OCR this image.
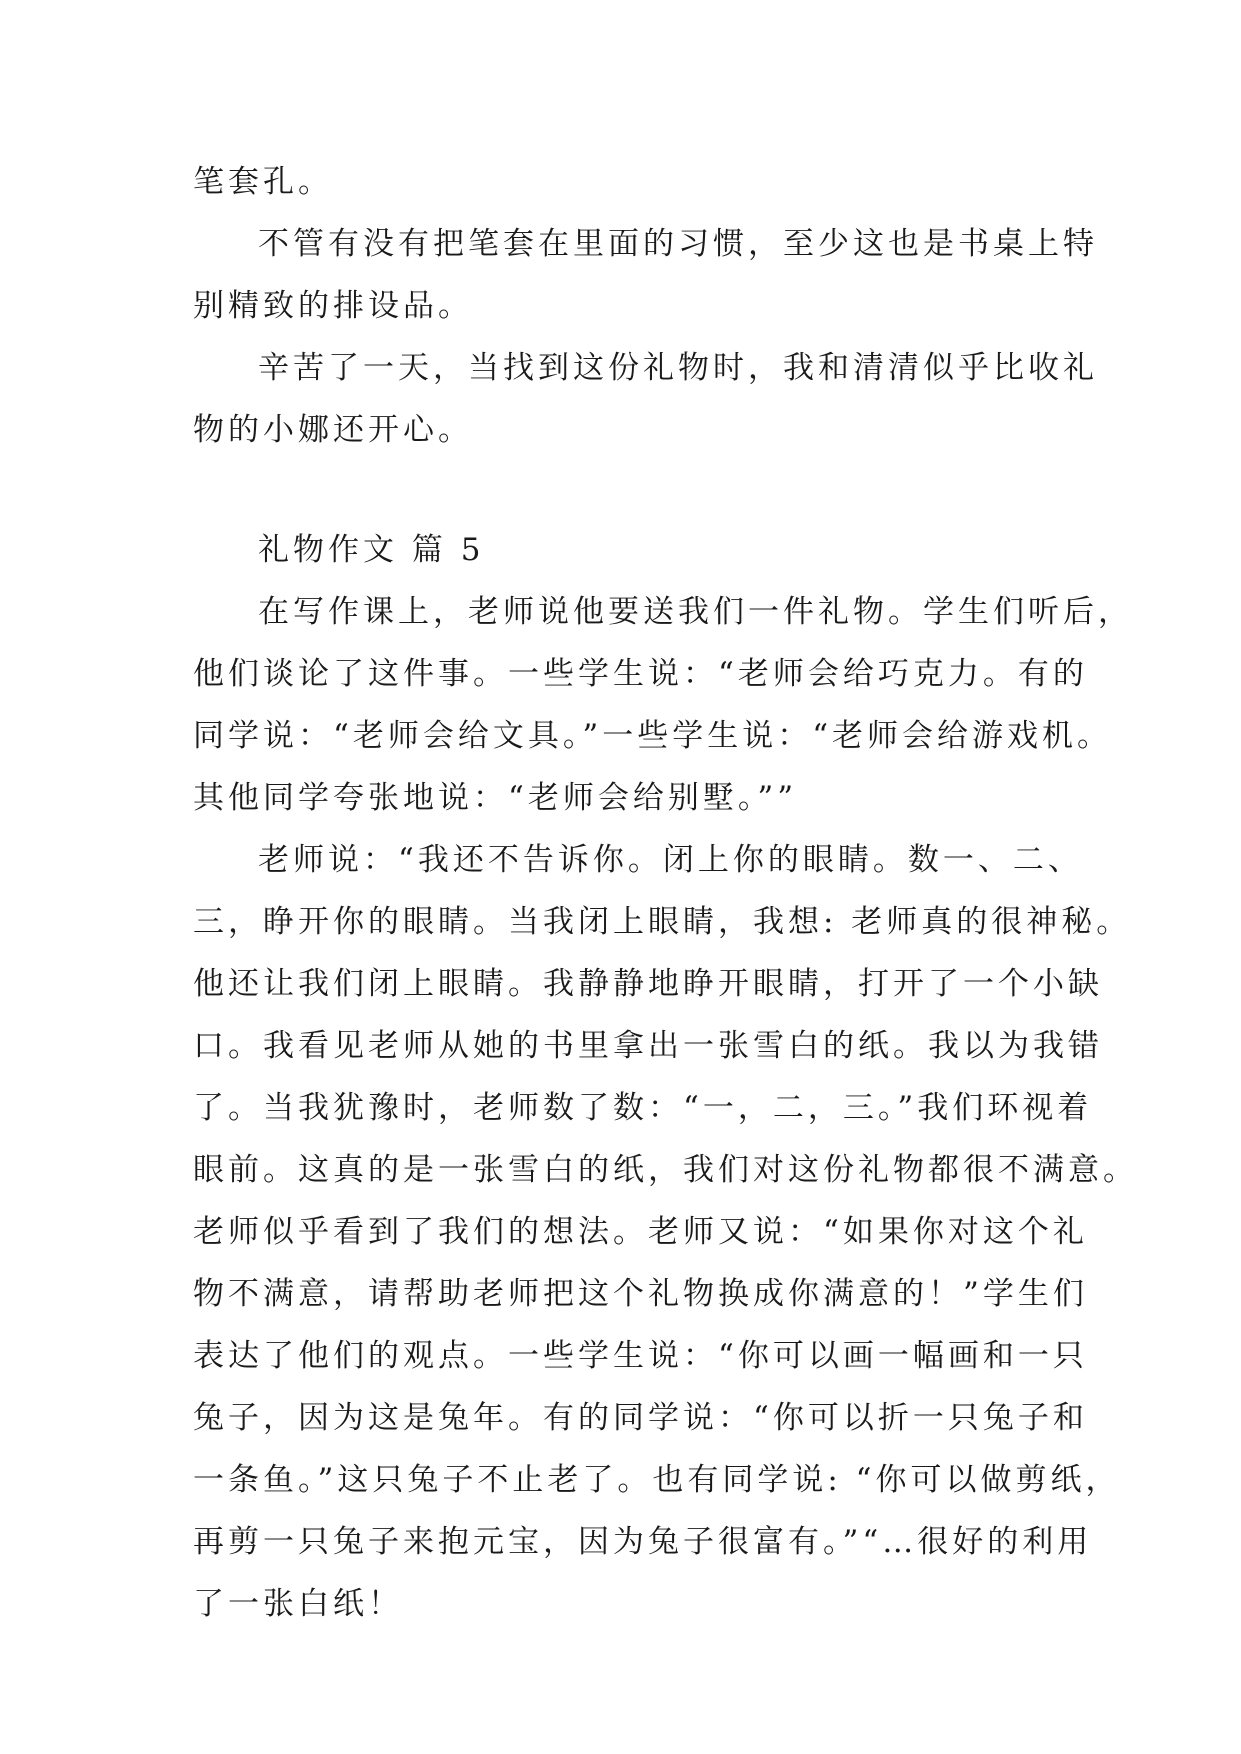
笔套孔。
不管有没有把笔套在里面的习惯，至少这也是书桌上特
别精致的排设品。
辛苦了一天，当找到这份礼物时，我和清清似乎比收礼
物的小娜还开心。
礼物作文 篇 5
在写作课上，老师说他要送我们一件礼物。学生们听后，
他们谈论了这件事。一些学生说：“老师会给巧克力。有的
同学说：“老师会给文具。”一些学生说：“老师会给游戏机。
其他同学夸张地说：“老师会给别墅。””
老师说：“我还不告诉你。闭上你的眼睛。数一、二、
三，睁开你的眼睛。当我闭上眼睛，我想: 老师真的很神秘。
他还让我们闭上眼睛。我静静地睁开眼睛，打开了一个小缺
口。我看见老师从她的书里拿出一张雪白的纸。我以为我错
了。当我犹豫时，老师数了数：“一，二，三。”我们环视着
眼前。这真的是一张雪白的纸，我们对这份礼物都很不满意。
老师似乎看到了我们的想法。老师又说：“如果你对这个礼
物不满意，请帮助老师把这个礼物换成你满意的！”学生们
表达了他们的观点。一些学生说：“你可以画一幅画和一只
兔子，因为这是兔年。有的同学说：“你可以折一只兔子和
一条鱼。”这只兔子不止老了。也有同学说: “你可以做剪纸，
再剪一只兔子来抱元宝，因为兔子很富有。”“…很好的利用
了一张白纸！
